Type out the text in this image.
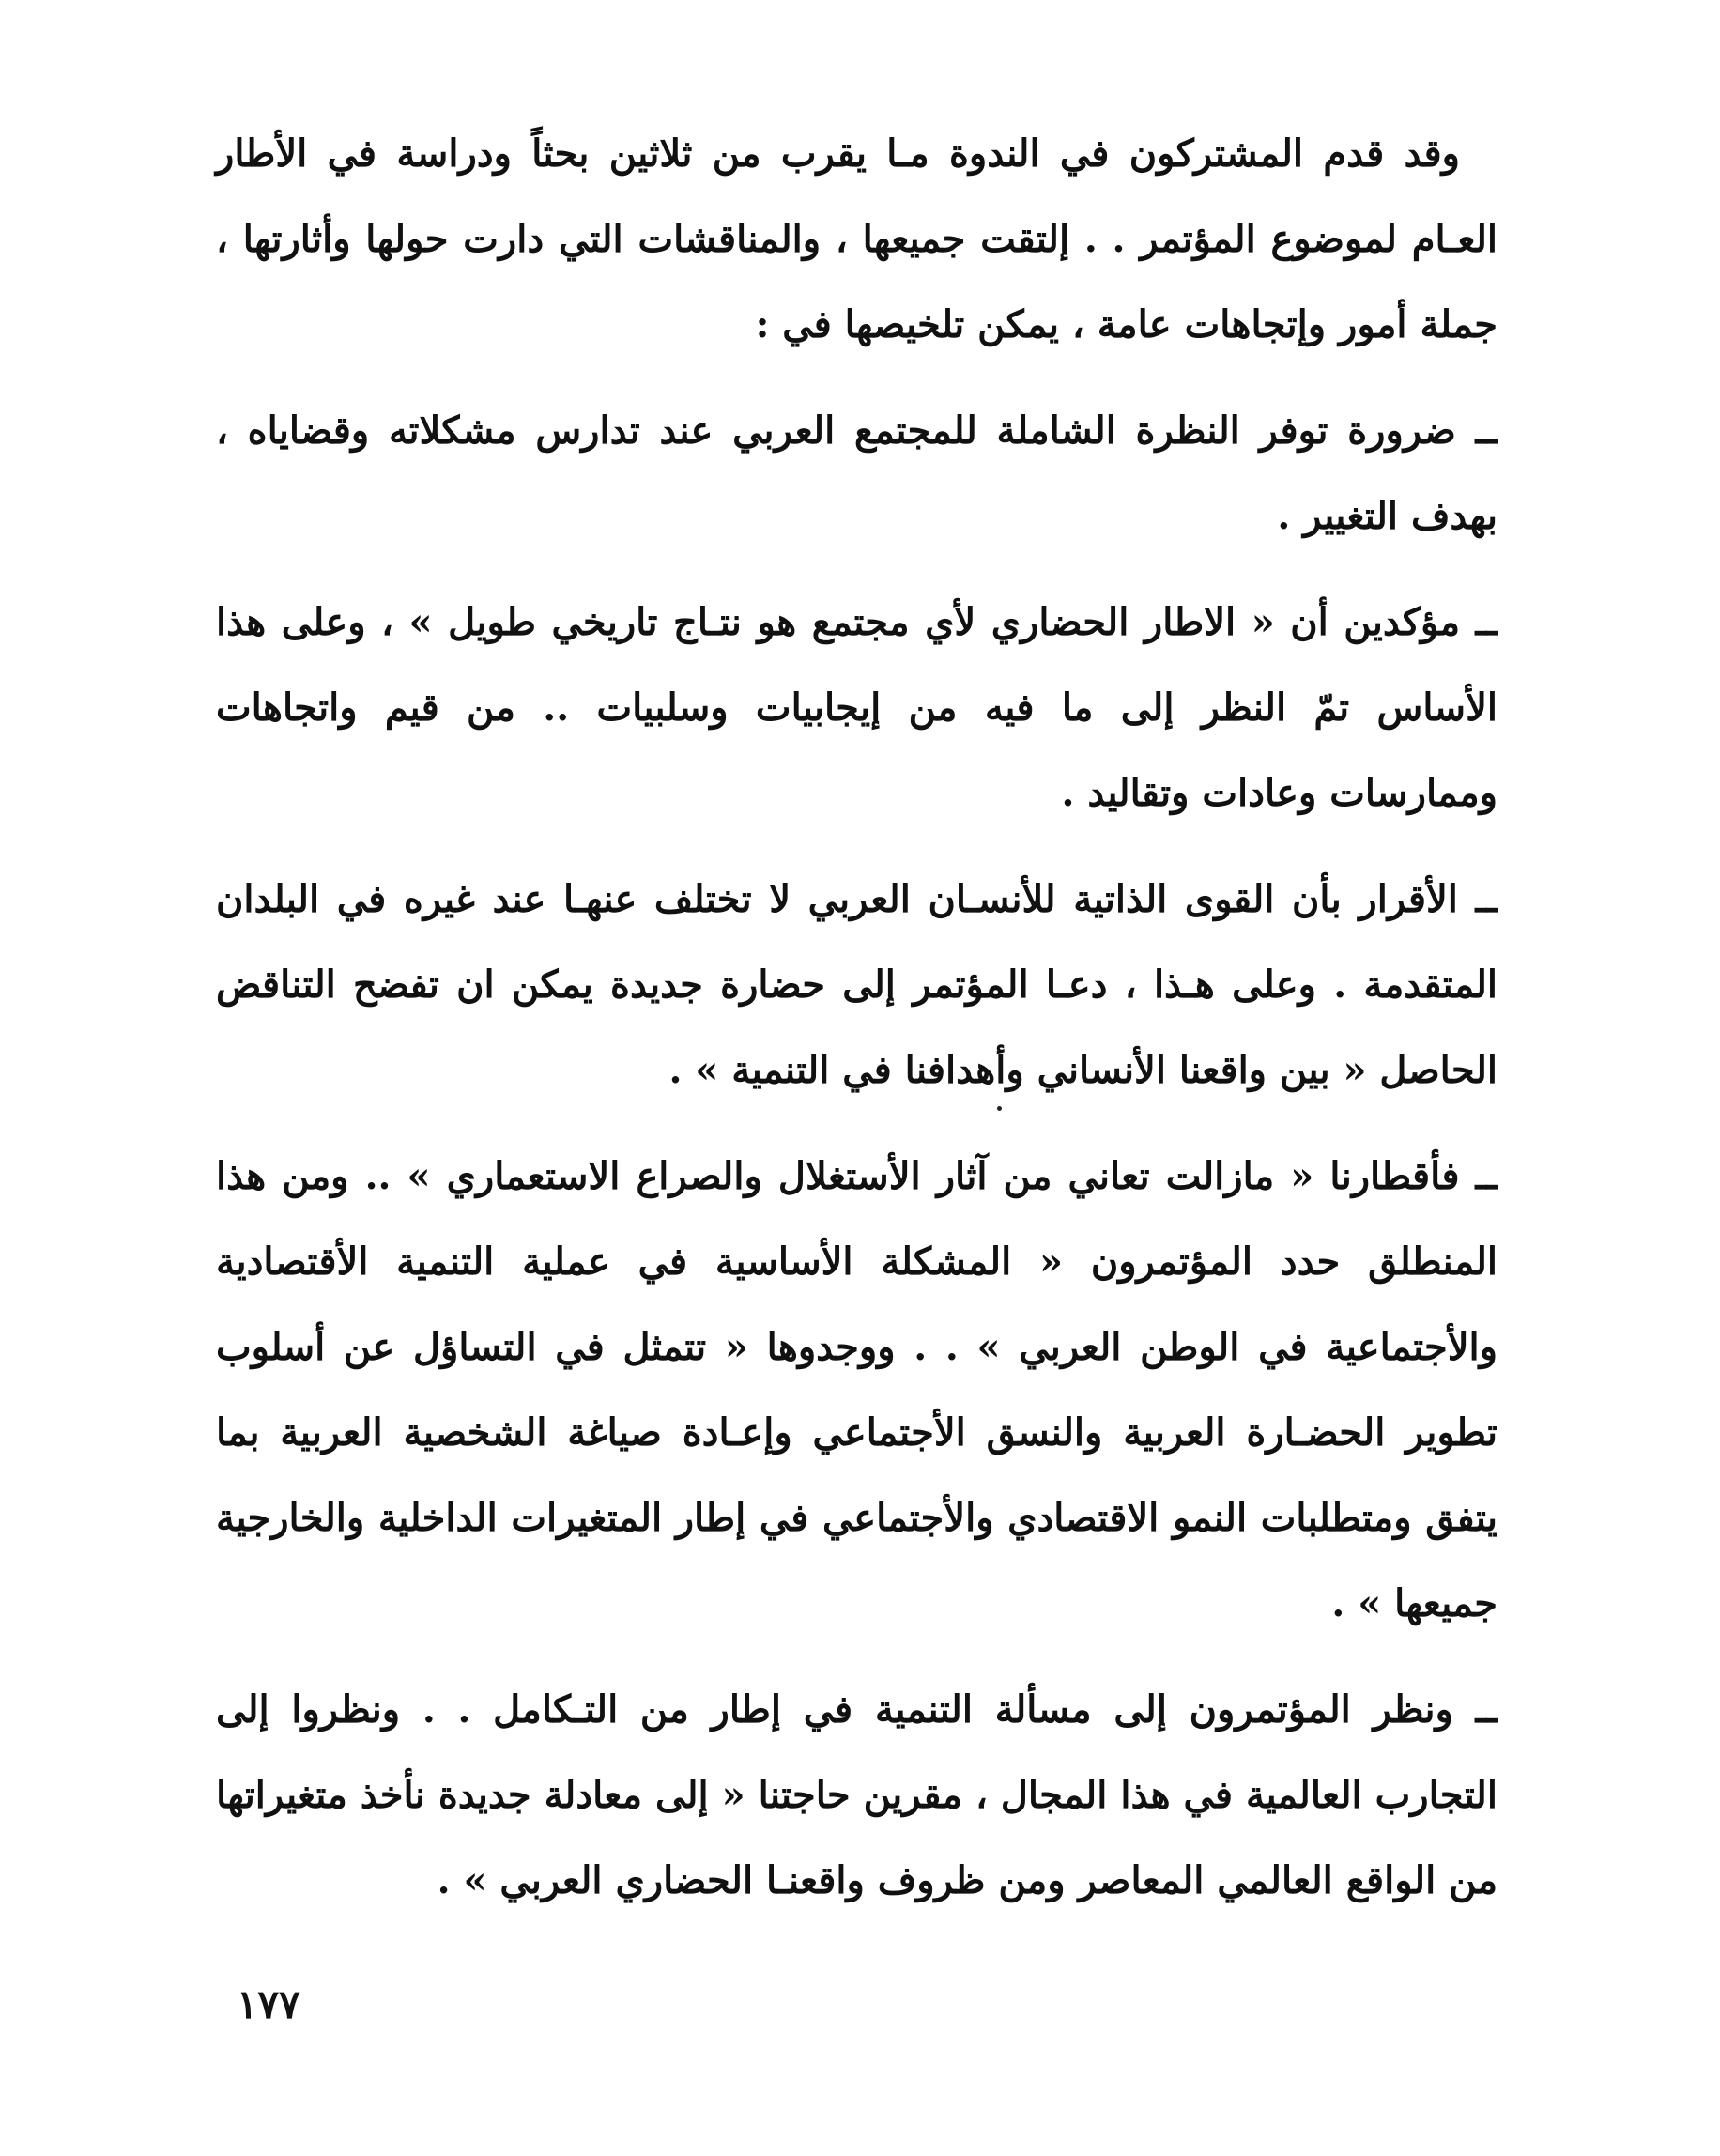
وقد قدم المشتركون في الندوة مـا يقرب من ثلاثين بحثاً ودراسة في الأطار العـام لموضوع المؤتمر . . إلتقت جميعها ، والمناقشات التي دارت حولها وأثارتها ، جملة أمور وإتجاهات عامة ، يمكن تلخيصها في :

ــ ضرورة توفر النظرة الشاملة للمجتمع العربي عند تدارس مشكلاته وقضاياه ، بهدف التغيير .

ــ مؤكدين أن « الاطار الحضاري لأي مجتمع هو نتـاج تاريخي طويل » ، وعلى هذا الأساس تمّ النظر إلى ما فيه من إيجابيات وسلبيات .. من قيم واتجاهات وممارسات وعادات وتقاليد .

ــ الأقرار بأن القوى الذاتية للأنسـان العربي لا تختلف عنهـا عند غيره في البلدان المتقدمة . وعلى هـذا ، دعـا المؤتمر إلى حضارة جديدة يمكن ان تفضح التناقض الحاصل « بين واقعنا الأنساني وأهدافنا في التنمية » .

ــ فأقطارنا « مازالت تعاني من آثار الأستغلال والصراع الاستعماري » .. ومن هذا المنطلق حدد المؤتمرون « المشكلة الأساسية في عملية التنمية الأقتصادية والأجتماعية في الوطن العربي » . . ووجدوها « تتمثل في التساؤل عن أسلوب تطوير الحضـارة العربية والنسق الأجتماعي وإعـادة صياغة الشخصية العربية بما يتفق ومتطلبات النمو الاقتصادي والأجتماعي في إطار المتغيرات الداخلية والخارجية جميعها » .

ــ ونظر المؤتمرون إلى مسألة التنمية في إطار من التـكامل . . ونظروا إلى التجارب العالمية في هذا المجال ، مقرين حاجتنا « إلى معادلة جديدة نأخذ متغيراتها من الواقع العالمي المعاصر ومن ظروف واقعنـا الحضاري العربي » .

١٧٧
